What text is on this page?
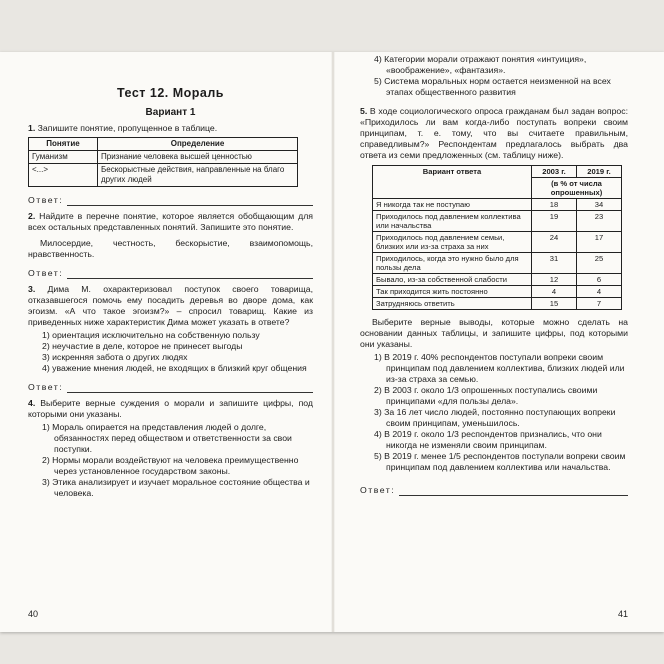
Тест 12. Мораль
Вариант 1

1. Запишите понятие, пропущенное в таблице.

Понятие	Определение
Гуманизм	Признание человека высшей ценностью
<...>	Бескорыстные действия, направленные на благо других людей
Ответ:

2. Найдите в перечне понятие, которое является обобщающим для всех остальных представленных понятий. Запишите это понятие.

Милосердие, честность, бескорыстие, взаимопомощь, нравственность.

Ответ:

3. Дима М. охарактеризовал поступок своего товарища, отказавшегося помочь ему посадить деревья во дворе дома, как эгоизм. «А что такое эгоизм?» – спросил товарищ. Какие из приведенных ниже характеристик Дима может указать в ответе?

1) ориентация исключительно на собственную пользу
2) неучастие в деле, которое не принесет выгоды
3) искренняя забота о других людях
4) уважение мнения людей, не входящих в близкий круг общения
Ответ:

4. Выберите верные суждения о морали и запишите цифры, под которыми они указаны.

1) Мораль опирается на представления людей о долге, обязанностях перед обществом и ответственности за свои поступки.
2) Нормы морали воздействуют на человека преимущественно через установленное государством законы.
3) Этика анализирует и изучает моральное состояние общества и человека.
40
4) Категории морали отражают понятия «интуиция», «воображение», «фантазия».
5) Система моральных норм остается неизменной на всех этапах общественного развития

5. В ходе социологического опроса гражданам был задан вопрос: «Приходилось ли вам когда-либо поступать вопреки своим принципам, т. е. тому, что вы считаете правильным, справедливым?» Респондентам предлагалось выбрать два ответа из семи предложенных (см. таблицу ниже).

Вариант ответа	2003 г.	2019 г.
	(в % от числа опрошенных)	
Я никогда так не поступаю	18	34
Приходилось под давлением коллектива или начальства	19	23
Приходилось под давлением семьи, близких или из-за страха за них	24	17
Приходилось, когда это нужно было для пользы дела	31	25
Бывало, из-за собственной слабости	12	6
Так приходится жить постоянно	4	4
Затрудняюсь ответить	15	7

Выберите верные выводы, которые можно сделать на основании данных таблицы, и запишите цифры, под которыми они указаны.

1) В 2019 г. 40% респондентов поступали вопреки своим принципам под давлением коллектива, близких людей или из-за страха за семью.
2) В 2003 г. около 1/3 опрошенных поступались своими принципами «для пользы дела».
3) За 16 лет число людей, постоянно поступающих вопреки своим принципам, уменьшилось.
4) В 2019 г. около 1/3 респондентов признались, что они никогда не изменяли своим принципам.
5) В 2019 г. менее 1/5 респондентов поступали вопреки своим принципам под давлением коллектива или начальства.
Ответ:
41
